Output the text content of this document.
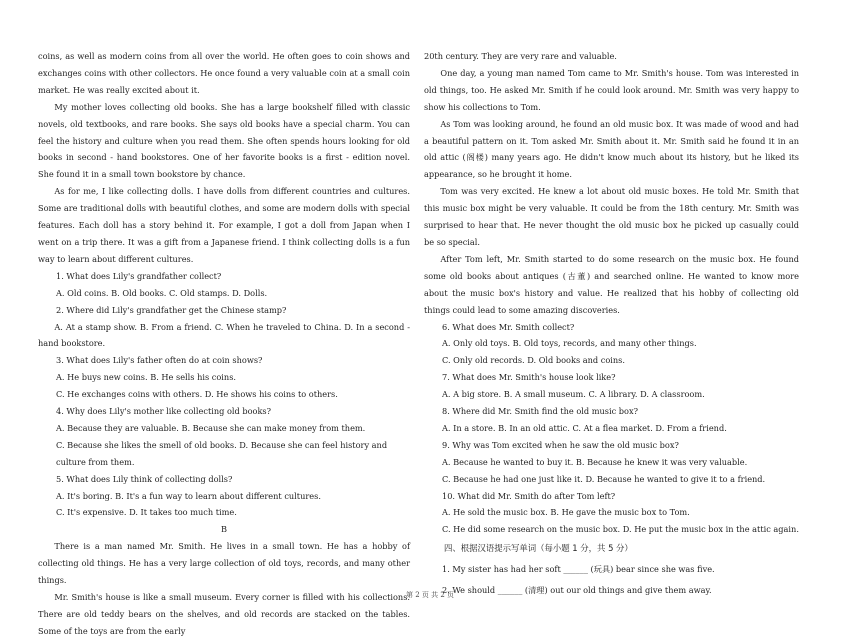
coins, as well as modern coins from all over the world. He often goes to coin shows and exchanges coins with other collectors. He once found a very valuable coin at a small coin market. He was really excited about it.

My mother loves collecting old books. She has a large bookshelf filled with classic novels, old textbooks, and rare books. She says old books have a special charm. You can feel the history and culture when you read them. She often spends hours looking for old books in second - hand bookstores. One of her favorite books is a first - edition novel. She found it in a small town bookstore by chance.

As for me, I like collecting dolls. I have dolls from different countries and cultures. Some are traditional dolls with beautiful clothes, and some are modern dolls with special features. Each doll has a story behind it. For example, I got a doll from Japan when I went on a trip there. It was a gift from a Japanese friend. I think collecting dolls is a fun way to learn about different cultures.

1. What does Lily's grandfather collect?

A. Old coins. B. Old books. C. Old stamps. D. Dolls.

2. Where did Lily's grandfather get the Chinese stamp?

A. At a stamp show. B. From a friend. C. When he traveled to China. D. In a second - hand bookstore.

3. What does Lily's father often do at coin shows?

A. He buys new coins. B. He sells his coins.

C. He exchanges coins with others. D. He shows his coins to others.

4. Why does Lily's mother like collecting old books?

A. Because they are valuable. B. Because she can make money from them.

C. Because she likes the smell of old books. D. Because she can feel history and culture from them.

5. What does Lily think of collecting dolls?

A. It's boring. B. It's a fun way to learn about different cultures.

C. It's expensive. D. It takes too much time.

B

There is a man named Mr. Smith. He lives in a small town. He has a hobby of collecting old things. He has a very large collection of old toys, records, and many other things.

Mr. Smith's house is like a small museum. Every corner is filled with his collections. There are old teddy bears on the shelves, and old records are stacked on the tables. Some of the toys are from the early

20th century. They are very rare and valuable.

One day, a young man named Tom came to Mr. Smith's house. Tom was interested in old things, too. He asked Mr. Smith if he could look around. Mr. Smith was very happy to show his collections to Tom.

As Tom was looking around, he found an old music box. It was made of wood and had a beautiful pattern on it. Tom asked Mr. Smith about it. Mr. Smith said he found it in an old attic (阁楼) many years ago. He didn't know much about its history, but he liked its appearance, so he brought it home.

Tom was very excited. He knew a lot about old music boxes. He told Mr. Smith that this music box might be very valuable. It could be from the 18th century. Mr. Smith was surprised to hear that. He never thought the old music box he picked up casually could be so special.

After Tom left, Mr. Smith started to do some research on the music box. He found some old books about antiques (古董) and searched online. He wanted to know more about the music box's history and value. He realized that his hobby of collecting old things could lead to some amazing discoveries.

6. What does Mr. Smith collect?

A. Only old toys. B. Old toys, records, and many other things.

C. Only old records. D. Old books and coins.

7. What does Mr. Smith's house look like?

A. A big store. B. A small museum. C. A library. D. A classroom.

8. Where did Mr. Smith find the old music box?

A. In a store. B. In an old attic. C. At a flea market. D. From a friend.

9. Why was Tom excited when he saw the old music box?

A. Because he wanted to buy it. B. Because he knew it was very valuable.

C. Because he had one just like it. D. Because he wanted to give it to a friend.

10. What did Mr. Smith do after Tom left?

A. He sold the music box. B. He gave the music box to Tom.

C. He did some research on the music box. D. He put the music box in the attic again.

四、根据汉语提示写单词（每小题 1 分，共 5 分）

1. My sister has had her soft ______ (玩具) bear since she was five.

2. We should ______ (清理) out our old things and give them away.

第 2 页 共 2 页
